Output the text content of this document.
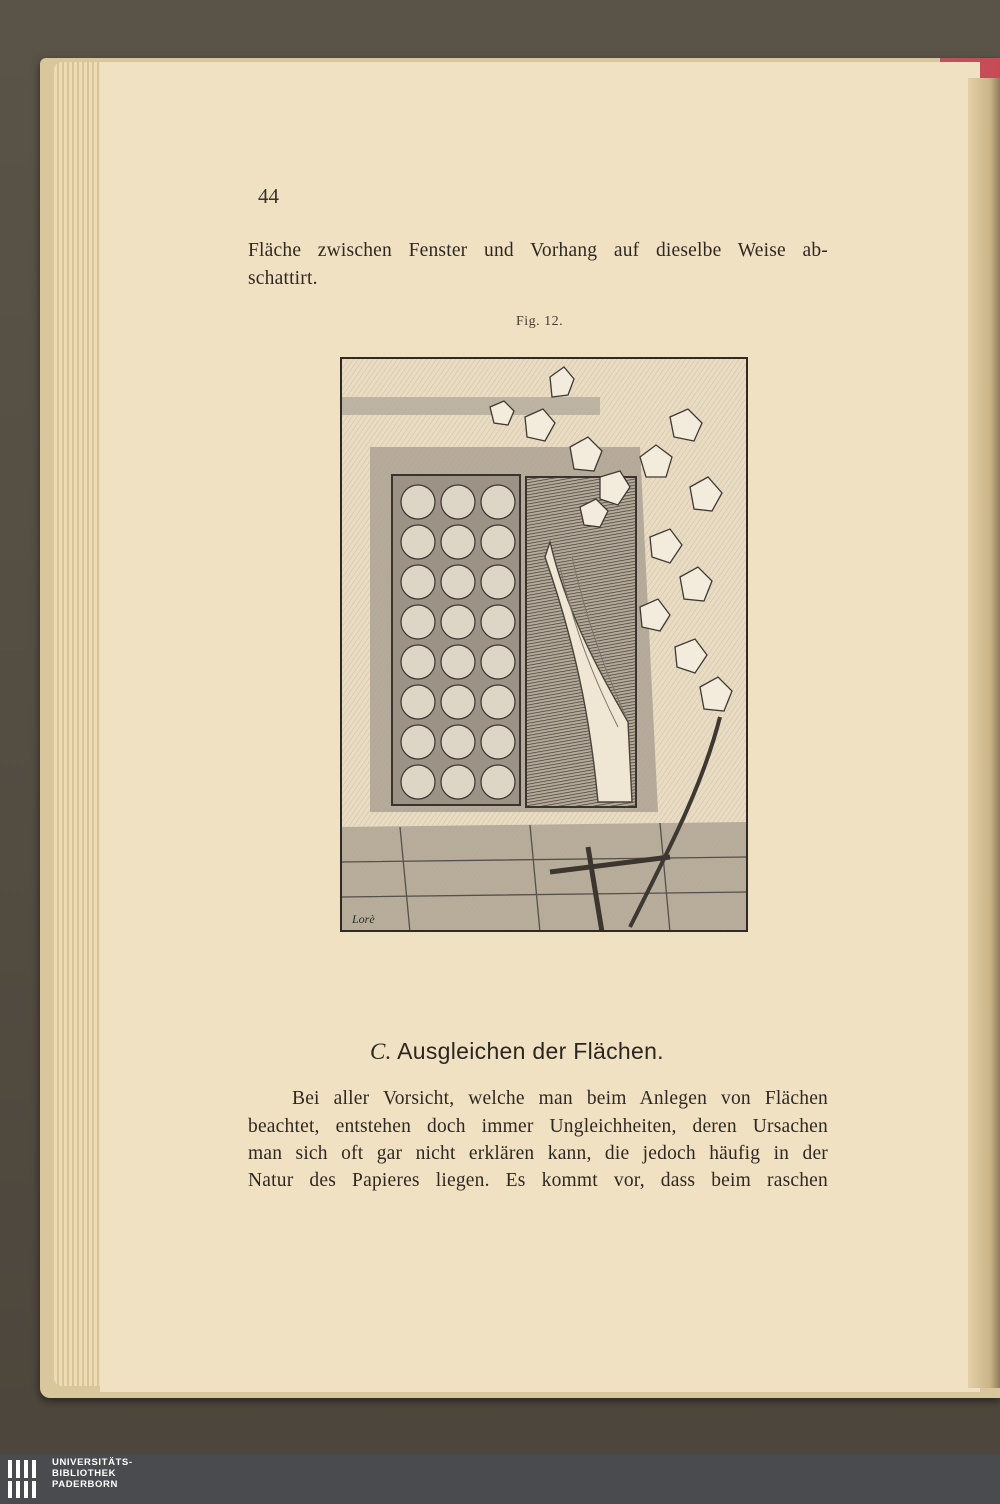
44
Fläche zwischen Fenster und Vorhang auf dieselbe Weise ab-
schattirt.
Fig. 12.
Lorè
C. Ausgleichen der Flächen.
Bei aller Vorsicht, welche man beim Anlegen von Flächen
beachtet, entstehen doch immer Ungleichheiten, deren Ursachen
man sich oft gar nicht erklären kann, die jedoch häufig in der
Natur des Papieres liegen. Es kommt vor, dass beim raschen
UNIVERSITÄTS-
BIBLIOTHEK
PADERBORN
